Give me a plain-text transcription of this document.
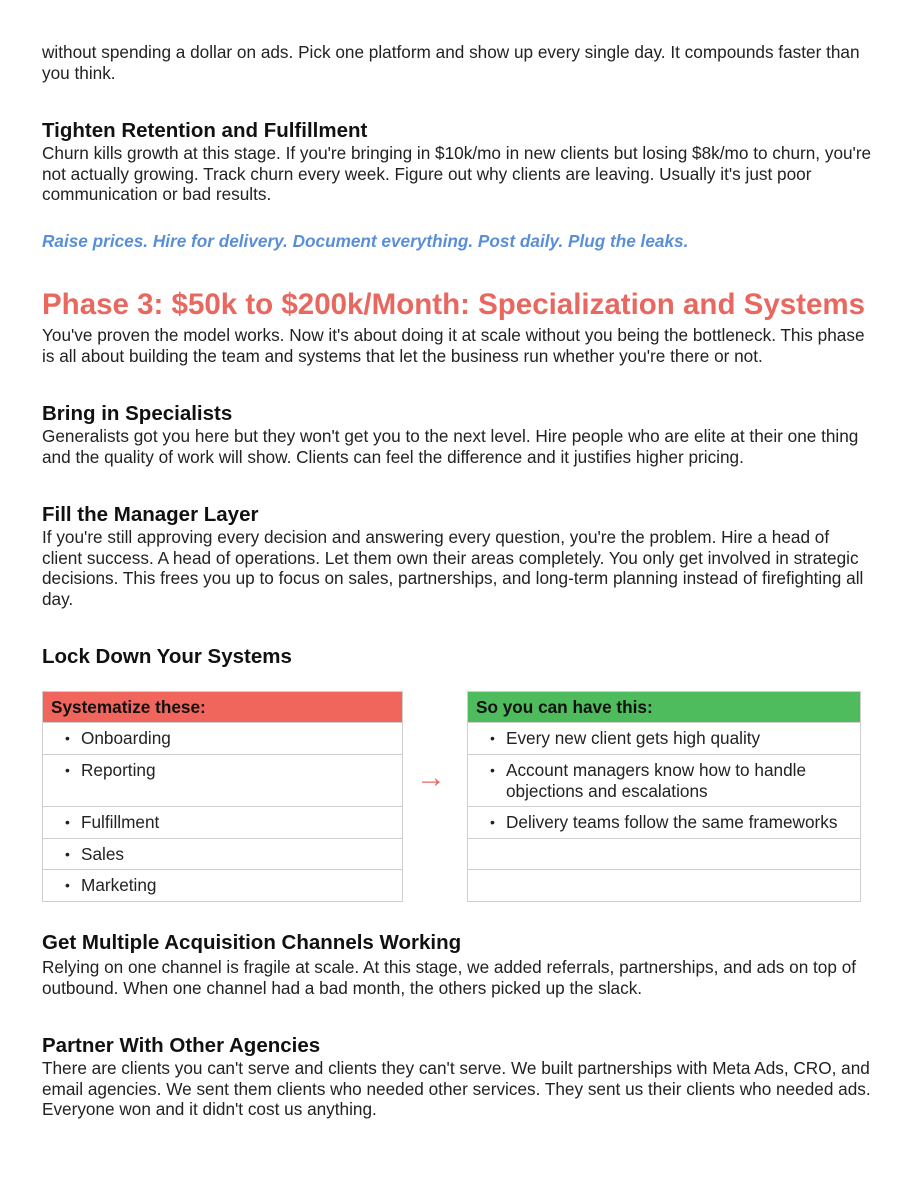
without spending a dollar on ads. Pick one platform and show up every single day. It compounds faster than you think.

Tighten Retention and Fulfillment

Churn kills growth at this stage. If you're bringing in $10k/mo in new clients but losing $8k/mo to churn, you're not actually growing. Track churn every week. Figure out why clients are leaving. Usually it's just poor communication or bad results.

Raise prices. Hire for delivery. Document everything. Post daily. Plug the leaks.

Phase 3: $50k to $200k/Month: Specialization and Systems

You've proven the model works. Now it's about doing it at scale without you being the bottleneck. This phase is all about building the team and systems that let the business run whether you're there or not.

Bring in Specialists

Generalists got you here but they won't get you to the next level. Hire people who are elite at their one thing and the quality of work will show. Clients can feel the difference and it justifies higher pricing.

Fill the Manager Layer

If you're still approving every decision and answering every question, you're the problem. Hire a head of client success. A head of operations. Let them own their areas completely. You only get involved in strategic decisions. This frees you up to focus on sales, partnerships, and long-term planning instead of firefighting all day.

Lock Down Your Systems
Systematize these:
• Onboarding
• Reporting
• Fulfillment
• Sales
• Marketing
→
So you can have this:
• Every new client gets high quality
• Account managers know how to handle objections and escalations
• Delivery teams follow the same frameworks
Get Multiple Acquisition Channels Working

Relying on one channel is fragile at scale. At this stage, we added referrals, partnerships, and ads on top of outbound. When one channel had a bad month, the others picked up the slack.

Partner With Other Agencies

There are clients you can't serve and clients they can't serve. We built partnerships with Meta Ads, CRO, and email agencies. We sent them clients who needed other services. They sent us their clients who needed ads. Everyone won and it didn't cost us anything.
